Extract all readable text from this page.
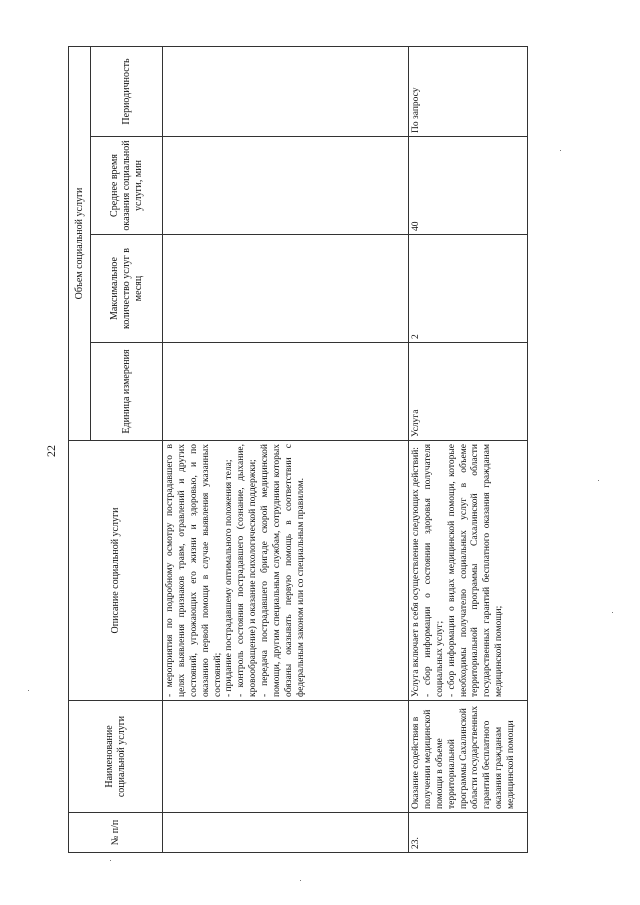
22
№ п/п	Наименование социальной услуги	Описание социальной услуги	Объем социальной услуги			
			Единица измерения	Максимальное количество услуг в месяц	Среднее время оказания социальной услуги, мин	Периодичность

		- мероприятия по подробному осмотру пострадавшего в целях выявления признаков травм, отравлений и других состояний, угрожающих его жизни и здоровью, и по оказанию первой помощи в случае выявления указанных состояний; - придание пострадавшему оптимального положения тела; - контроль состояния пострадавшего (сознание, дыхание, кровообращение) и оказание психологической поддержки; - передача пострадавшего бригаде скорой медицинской помощи, другим специальным службам, сотрудники которых обязаны оказывать первую помощь в соответствии с федеральным законом или со специальным правилом.				

23.	Оказание содействия в получении медицинской помощи в объеме территориальной программы Сахалинской области государственных гарантий бесплатного оказания гражданам медицинской помощи	Услуга включает в себя осуществление следующих действий: - сбор информации о состоянии здоровья получателя социальных услуг; - сбор информации о видах медицинской помощи, которые необходимы получателю социальных услуг в объеме территориальной программы Сахалинской области государственных гарантий бесплатного оказания гражданам медицинской помощи;	Услуга	2	40	По запросу
